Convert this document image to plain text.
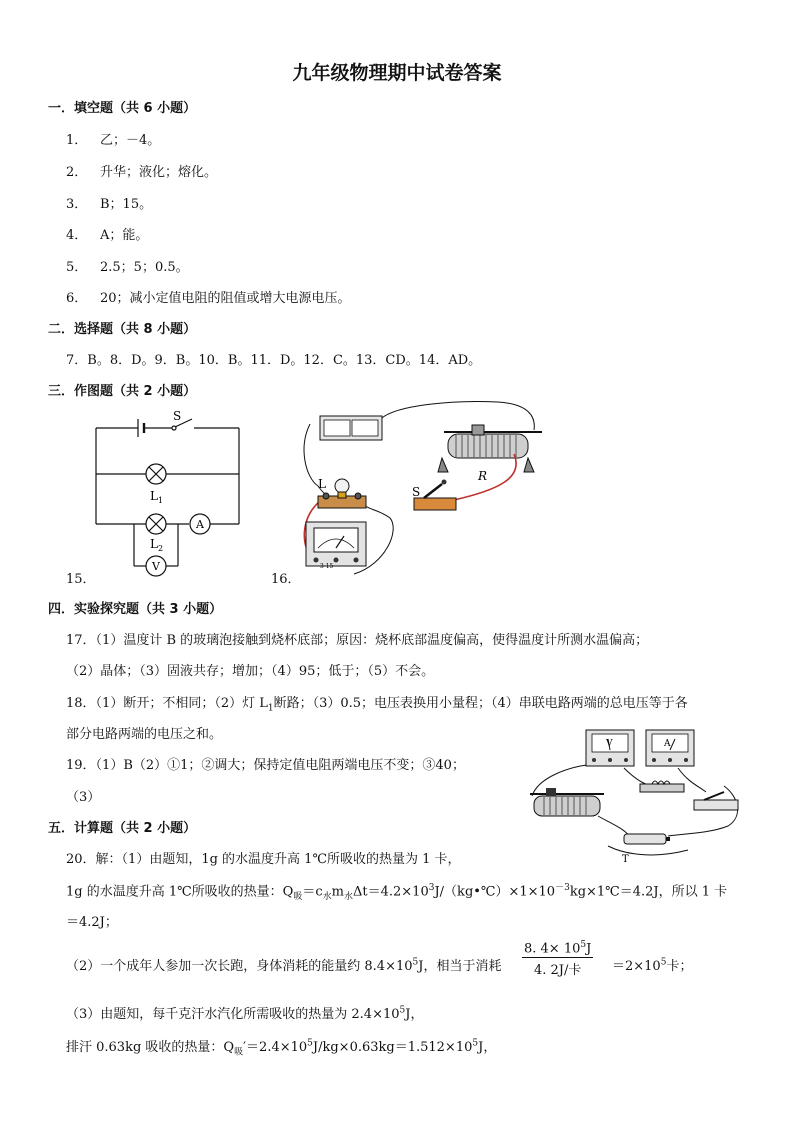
九年级物理期中试卷答案
一．填空题（共 6 小题）
1． 乙；－4。
2． 升华；液化；熔化。
3． B；15。
4． A；能。
5． 2.5；5；0.5。
6． 20；减小定值电阻的阻值或增大电源电压。
二．选择题（共 8 小题）
7．B。8．D。9．B。10．B。11．D。12．C。13．CD。14．AD。
三．作图题（共 2 小题）
15．
S
$L_1$
$L_2$
A
V
16．
L
S
R
3 15
四．实验探究题（共 3 小题）
17．（1）温度计 B 的玻璃泡接触到烧杯底部；原因：烧杯底部温度偏高，使得温度计所测水温偏高；
（2）晶体；（3）固液共存；增加；（4）95；低于；（5）不会。
18．（1）断开；不相同；（2）灯 $L_1$断路；（3）0.5；电压表换用小量程；（4）串联电路两端的总电压等于各
部分电路两端的电压之和。
19．（1）B（2）①1；②调大；保持定值电阻两端电压不变；③40；
（3）
V	A
T
五．计算题（共 2 小题）
20．解：（1）由题知，1g 的水温度升高 1℃所吸收的热量为 1 卡，
1g 的水温度升高 1℃所吸收的热量：$Q_吸=c_水m_水\Delta t=4.2\times 10^3J/(kg•℃)\times 1\times 10^{-3}kg\times 1℃=4.2J$，所以 1 卡
＝4.2J；
（2）一个成年人参加一次长跑，身体消耗的能量约 $8.4\times 10^5J$，相当于消耗
8. $4\times 10^5J$
4. 2J/卡	$=2\times 10^5$卡；
（3）由题知，每千克汗水汽化所需吸收的热量为 $2.4\times 10^5J$，
排汗 0.63kg 吸收的热量：$Q_吸'=2.4\times 10^5J/kg\times 0.63kg=1.512\times 10^5J$，
